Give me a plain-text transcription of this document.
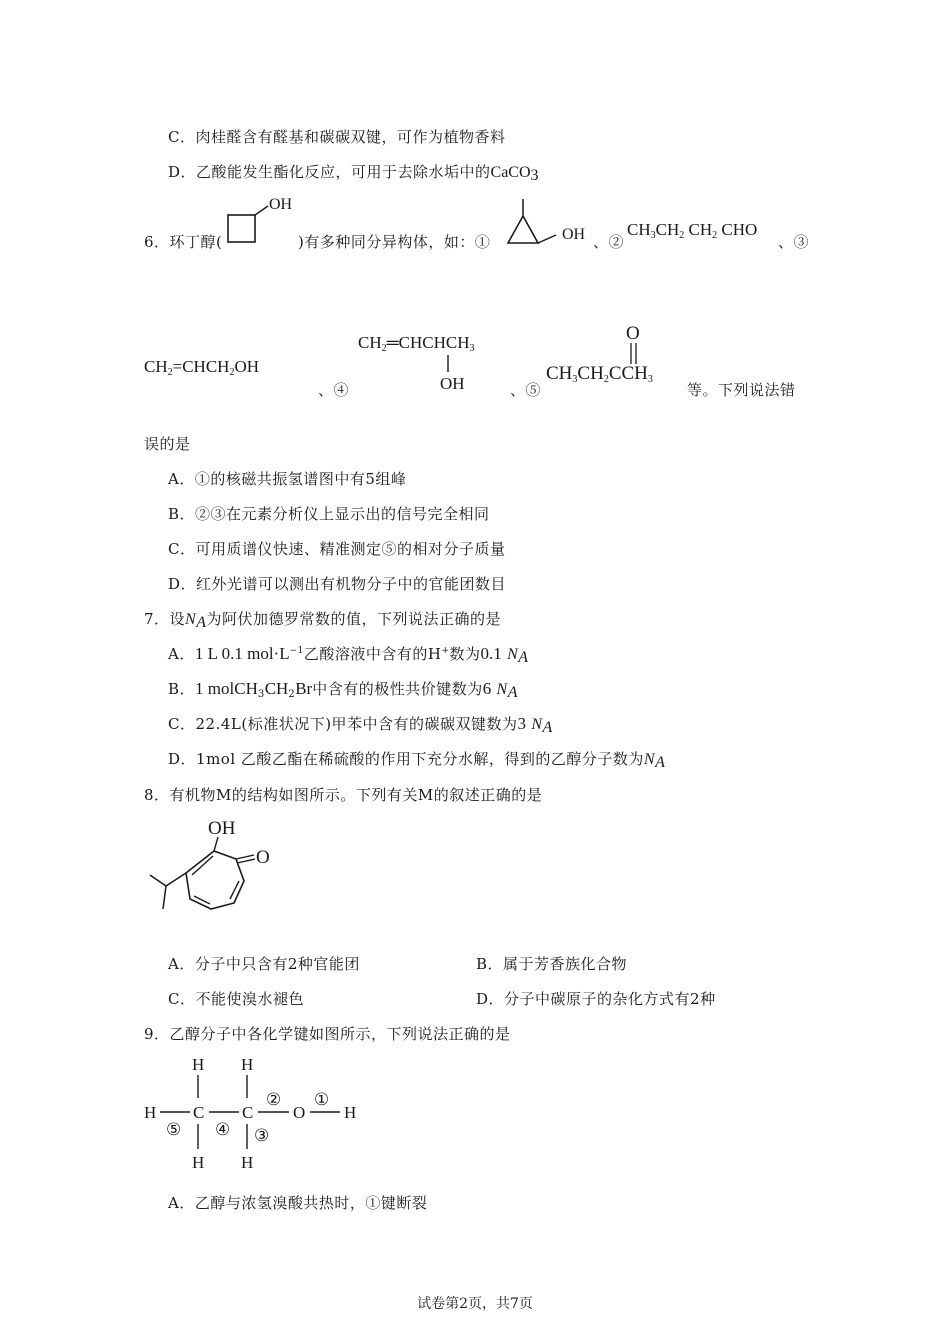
C．肉桂醛含有醛基和碳碳双键，可作为植物香料
D．乙酸能发生酯化反应，可用于去除水垢中的CaCO$_3$
6．环丁醇(
OH
)有多种同分异构体，如：①	OH 、②
$CH_3CH_2$ $CH_2$ CHO
、③
$CH_2=CHCH_2OH$
、④
$CH_2═CHCHCH_3$
OH	、⑤
$CH_3CH_2CCH_3$
O
等。下列说法错
误的是
A．①的核磁共振氢谱图中有5组峰
B．②③在元素分析仪上显示出的信号完全相同
C．可用质谱仪快速、精准测定⑤的相对分子质量
D．红外光谱可以测出有机物分子中的官能团数目
7．设$N_A$为阿伏加德罗常数的值，下列说法正确的是
A．1 L 0.1 $mol\cdot L^{-1}$乙酸溶液中含有的H+数为0.1 $N_A$
B．1 $molCH_3CH_2Br$中含有的极性共价键数为6 $N_A$
C．22.4L(标准状况下)甲苯中含有的碳碳双键数为3 $N_A$
D．1mol 乙酸乙酯在稀硫酸的作用下充分水解，得到的乙醇分子数为$N_A$
8．有机物M的结构如图所示。下列有关M的叙述正确的是
OH
O
A．分子中只含有2种官能团	B．属于芳香族化合物
C．不能使溴水褪色	D．分子中碳原子的杂化方式有2种
9．乙醇分子中各化学键如图所示，下列说法正确的是
H H
H C C O H
H H
①
②
③
④
⑤
A．乙醇与浓氢溴酸共热时，①键断裂
试卷第2页，共7页
